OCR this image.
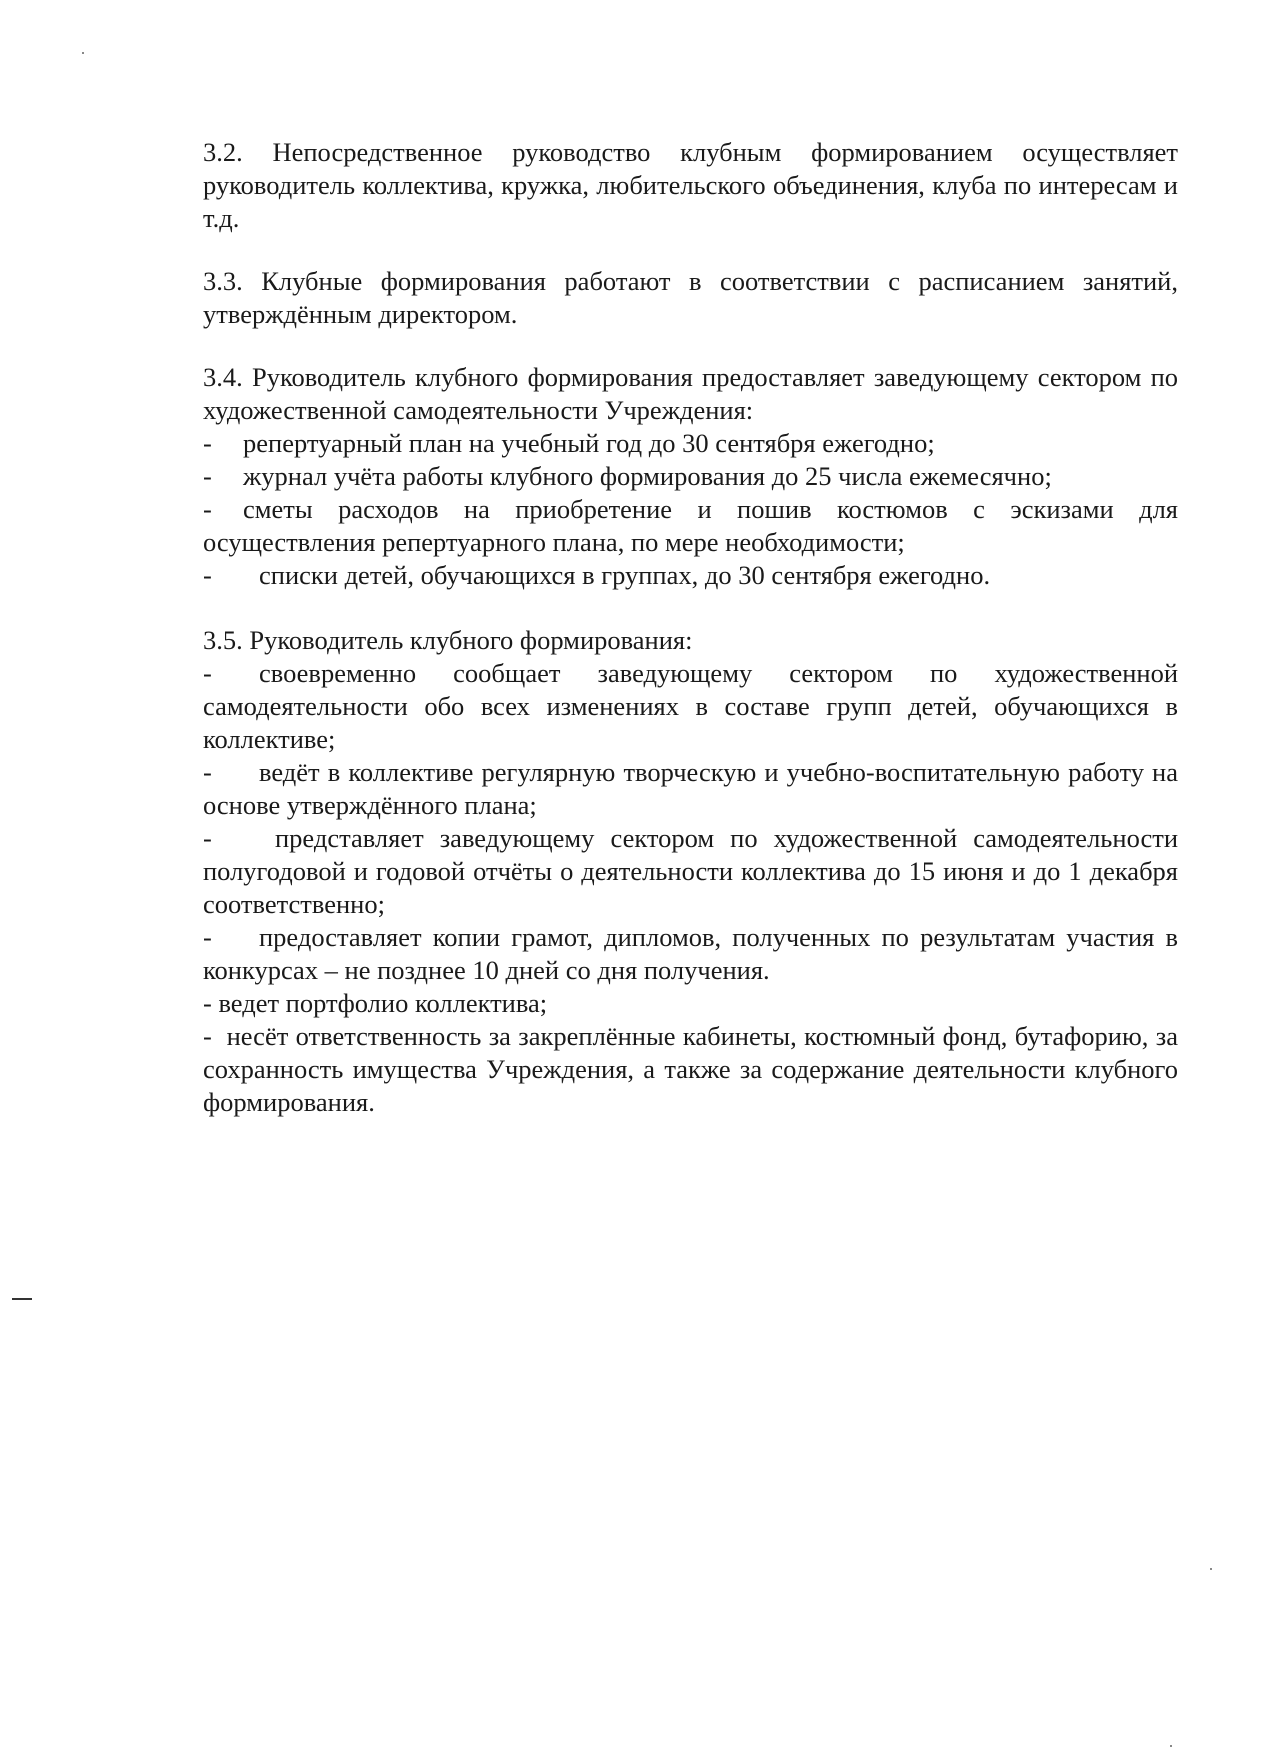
3.2. Непосредственное руководство клубным формированием осуществляет руководитель коллектива, кружка, любительского объединения, клуба по интересам и т.д.

3.3. Клубные формирования работают в соответствии с расписанием занятий, утверждённым директором.

3.4. Руководитель клубного формирования предоставляет заведующему сектором по художественной самодеятельности Учреждения:

- репертуарный план на учебный год до 30 сентября ежегодно;

- журнал учёта работы клубного формирования до 25 числа ежемесячно;

- сметы расходов на приобретение и пошив костюмов с эскизами для осуществления репертуарного плана, по мере необходимости;

- списки детей, обучающихся в группах, до 30 сентября ежегодно.

3.5. Руководитель клубного формирования:

- своевременно сообщает заведующему сектором по художественной самодеятельности обо всех изменениях в составе групп детей, обучающихся в коллективе;

- ведёт в коллективе регулярную творческую и учебно-воспитательную работу на основе утверждённого плана;

- представляет заведующему сектором по художественной самодеятельности полугодовой и годовой отчёты о деятельности коллектива до 15 июня и до 1 декабря соответственно;

- предоставляет копии грамот, дипломов, полученных по результатам участия в конкурсах – не позднее 10 дней со дня получения.

- ведет портфолио коллектива;

- несёт ответственность за закреплённые кабинеты, костюмный фонд, бутафорию, за сохранность имущества Учреждения, а также за содержание деятельности клубного формирования.
